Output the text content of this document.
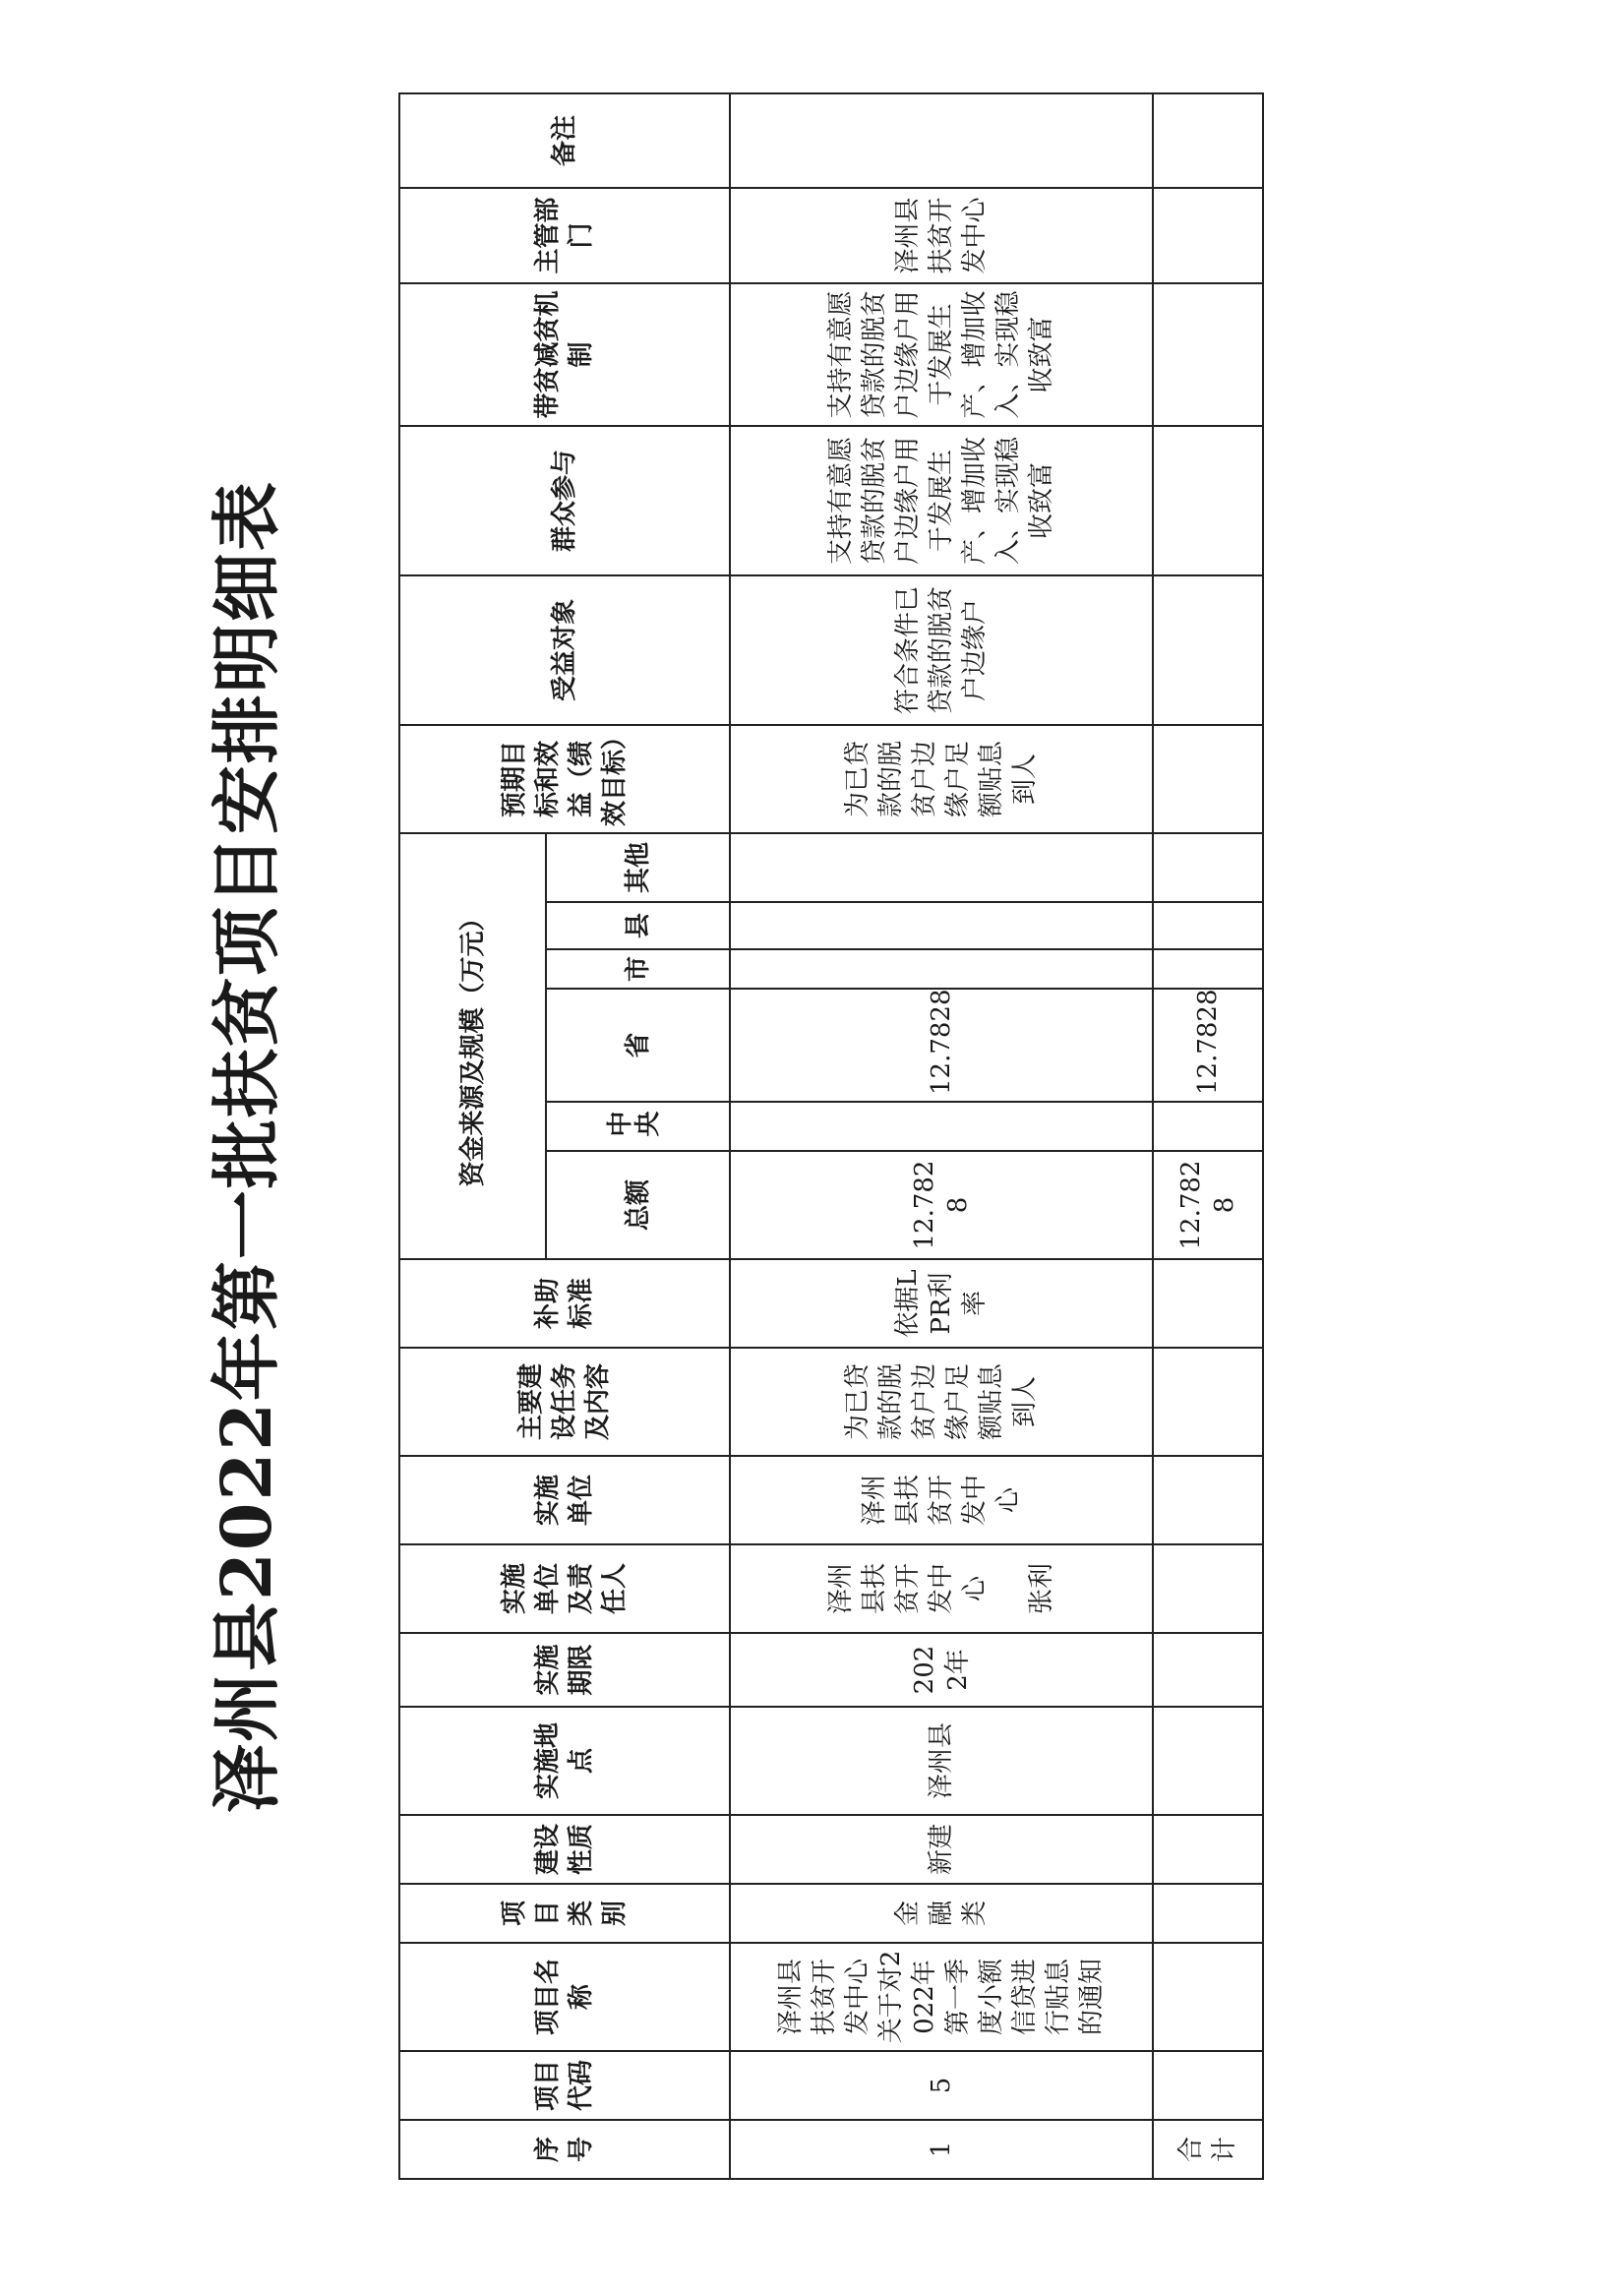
泽州县2022年第一批扶贫项目安排明细表
序号	项目代码	项目名称	项目类别	建设性质	实施地点	实施期限	实施单位及责任人	实施单位	主要建设任务及内容	补助标准	资金来源及规模（万元）						预期目标和效益（绩效目标）	受益对象	群众参与	带贫减贫机制	主管部门	备注
											总额	中央	省	市	县	其他						
1	5	泽州县扶贫开发中心关于对2022年第一季度小额信贷进行贴息的通知	金融类	新建	泽州县	2022年	泽州县扶贫开发中心 张利	泽州县扶贫开发中心	为已贷款的脱贫户边缘户足额贴息到人	依据LPR利率	12.7828		12.7828				为已贷款的脱贫户边缘户足额贴息到人	符合条件已贷款的脱贫户边缘户	支持有意愿贷款的脱贫户边缘户用于发展生产、增加收入、实现稳收致富	支持有意愿贷款的脱贫户边缘户用于发展生产、增加收入、实现稳收致富	泽州县扶贫开发中心	
合计											12.7828		12.7828									
